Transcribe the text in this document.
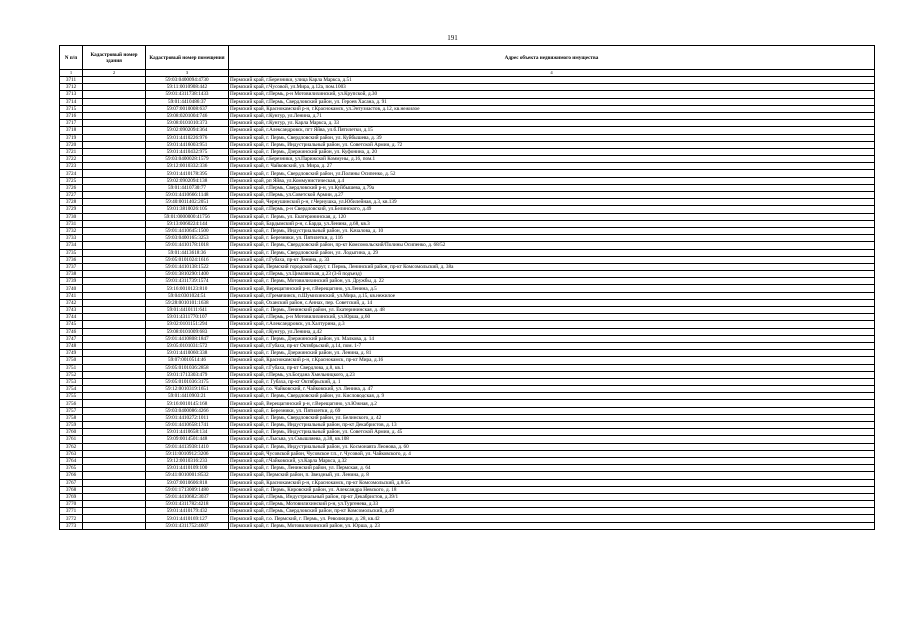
191
N п/п	Кадастровый номер здания	Кадастровый номер помещения	Адрес объекта недвижимого имущества
1	2	3	4
3711		59:03:0400094:4730	Пермский край, г.Березники, улица Карла Маркса, д.51
3712		59:11:0010908:442	Пермский край, г.Чусовой, ул.Мира, д.12а, пом.1003
3713		59:01:4311738:1433	Пермский край, г.Пермь, р-н Мотовилихинский, ул.Крупской, д.30
3714		59:01:4410486:37	Пермский край, г.Пермь, Свердловский район, ул. Героев Хасана, д. 91
3715		59:07:0010008:637	Пермский край, Краснокамский р-н, г.Краснокамск, ул.Энтузиастов, д.12, кв.нежилое
3716		59:08:0201004:746	Пермский край, г.Кунгур, ул.Ленина, д.71
3717		59:08:0101010:373	Пермский край, г.Кунгур, ул. Карла Маркса, д. 33
3718		59:02:0902094:364	Пермский край, г.Александровск, пгт Яйва, ул.б.Пятилетки, д.15
3719		59:01:4410226:976	Пермский край, г. Пермь, Свердловский район, ул. Куйбышева, д. 39
3720		59:01:4416003:951	Пермский край, г. Пермь, Индустриальный район, ул. Советской Армии, д. 72
3721		59:01:4410432:975	Пермский край, г. Пермь, Дзержинский район, ул. Куфонина, д. 20
3722		59:03:0400028:1579	Пермский край, г.Березники, ул.Парижской Коммуны, д.16, пом.1
3723		59:12:0010332:336	Пермский край, г. Чайковский, ул. Мира, д. 27
3724		59:01:4410178:395	Пермский край, г. Пермь, Свердловский район, ул.Полины Осипенко, д. 52
3725		59:02:0902094:138	Пермский край, рп Яйва, ул.Коммунистическая, д.4
3726		59:01:4410730:77	Пермский край, г.Пермь, Свердловский р-н, ул.Куйбышева, д.79а
3727		59:01:4410666:1148	Пермский край, г.Пермь, ул.Советской Армии, д.27
3728		59:40:0011402:2051	Пермский край, Чернушинский р-н, г.Чернушка, ул.Юбилейная, д.3, кв.139
3729		59:01:3810026:105	Пермский край, г.Пермь, р-н Свердловский, ул.Белинского, д.49
3730		59:01:0000000:41756	Пермский край, г. Пермь, ул. Екатерининская, д. 120
3731		59:13:0060224:144	Пермский край, Бардымский р-н, с.Барда, ул.Ленина, д.68, кв.3
3732		59:01:4410645:1500	Пермский край, г. Пермь, Индустриальный район, ул. Качалова, д. 10
3733		59:03:0400165:3253	Пермский край, г. Березники, ул. Пятилетки, д. 116
3734		59:01:4410178:1018	Пермский край, г. Пермь, Свердловский район, пр-кт Комсомольский/Полины Осипенко, д. 68/52
3735		59:01:4413618:36	Пермский край, г. Пермь, Свердловский район, ул. Лодыгина, д. 29
3736		59:05:0101024:1616	Пермский край, г.Губаха, пр-кт Ленина, д. 33
3737		59:01:4410138:1522	Пермский край, Пермский городской округ, г. Пермь, Ленинский район, пр-кт Комсомольский, д. 38а
3738		59:01:3810290:1400	Пермский край, г.Пермь, ул.Цимлянская, д.23 (3-й подъезд)
3739		59:01:4311739:1574	Пермский край, г. Пермь, Мотовилихинский район, ул. Дружбы, д. 22
3740		59:16:0010123:810	Пермский край, Верещагинский р-н, г.Верещагино, ул.Ленина, д.5
3741		59:04:0301024:51	Пермский край, г.Гремячинск, п.Шумихинский, ул.Мира, д.15, кв.нежилое
3742		59:28:0010101:1638	Пермский край, Оханский район, с.Аннах, пер. Советский, д. 14
3743		59:01:4410111:641	Пермский край, г. Пермь, Ленинский район, ул. Екатерининская, д. 48
3744		59:01:4311770:107	Пермский край, г.Пермь, р-н Мотовилихинский, ул.Юрша, д.60
3745		59:02:0101151:294	Пермский край, г.Александровск, ул.Халтурина, д.3
3746		59:08:0101009:683	Пермский край, г.Кунгур, ул.Ленина, д.42
3747		59:01:4410808:1847	Пермский край, г. Пермь, Дзержинский район, ул. Малкова, д. 14
3748		59:05:0101031:572	Пермский край, г.Губаха, пр-кт Октябрьский, д.14, пом. 1-7
3749		59:01:4410060:338	Пермский край, г. Пермь, Дзержинский район, ул. Ленина, д. 81
3750		59:07:0010514:46	Пермский край, Краснокамский р-н, г.Краснокамск, пр-кт Мира, д.16
3751		59:05:0101036:2858	Пермский край, г.Губаха, пр-кт Свердлова, д.8, кв.1
3752		59:01:1713303:479	Пермский край, г.Пермь, ул.Богдана Хмельницкого, д.23
3753		59:05:0101036:3175	Пермский край, г. Губаха, пр-кт Октябрьский, д. 1
3754		59:12:0010319:1651	Пермский край, г.о. Чайковский, г. Чайковский, ул. Ленина, д. 47
3755		59:01:4410903:21	Пермский край, г. Пермь, Свердловский район, ул. Кисловодская, д. 9
3756		59:16:0010145:168	Пермский край, Верещагинский р-н, г.Верещагино, ул.Южная, д.2
3757		59:03:0400086:4266	Пермский край, г. Березники, ул. Пятилетки, д. 69
3758		59:01:4410272:1011	Пермский край, г. Пермь, Свердловский район, ул. Белинского, д. 42
3759		59:01:4410658:1741	Пермский край, г. Пермь, Индустриальный район, пр-кт Декабристов, д. 13
3760		59:01:4410658:134	Пермский край, г. Пермь, Индустриальный район, ул. Советской Армии, д. 45
3761		59:09:0014501:448	Пермский край, г.Лысьва, ул.Смышляева, д.38, кв.108
3762		59:01:4413938:1410	Пермский край, г. Пермь, Индустриальный район, ул. Космонавта Леонова, д. 60
3763		59:11:0010912:3206	Пермский край, Чусовской район, Чусовское г.п., г. Чусовой, ул. Чайковского, д. 4
3764		59:12:0010316:233	Пермский край, г.Чайковский, ул.Карла Маркса, д.32
3765		59:01:4410109:100	Пермский край, г. Пермь, Ленинский район, ул. Пермская, д. 64
3766		59:41:0010001:8532	Пермский край, Пермский район, п. Звездный, ул. Ленина, д. 8
3767		59:07:0010606:818	Пермский край, Краснокамский р-н, г.Краснокамск, пр-кт Комсомольский, д.8/55
3768		59:01:1713009:1480	Пермский край, г. Пермь, Кировский район, ул. Александра Невского, д. 18
3769		59:01:4410682:3037	Пермский край, г.Пермь, Индустриальный район, пр-кт Декабристов, д.39/1
3770		59:01:4311782:4218	Пермский край, г.Пермь, Мотовилихинский р-н, ул.Тургенева, д.33
3771		59:01:4410179:432	Пермский край, г.Пермь, Свердловский район, пр-кт Комсомольский, д.49
3772		59:01:4410169:127	Пермский край, г.о. Пермский, г. Пермь, ул. Революции, д. 28, кв.42
3773		59:01:4311752:4607	Пермский край, г. Пермь, Мотовилихинский район, ул. Юрша, д. 23
